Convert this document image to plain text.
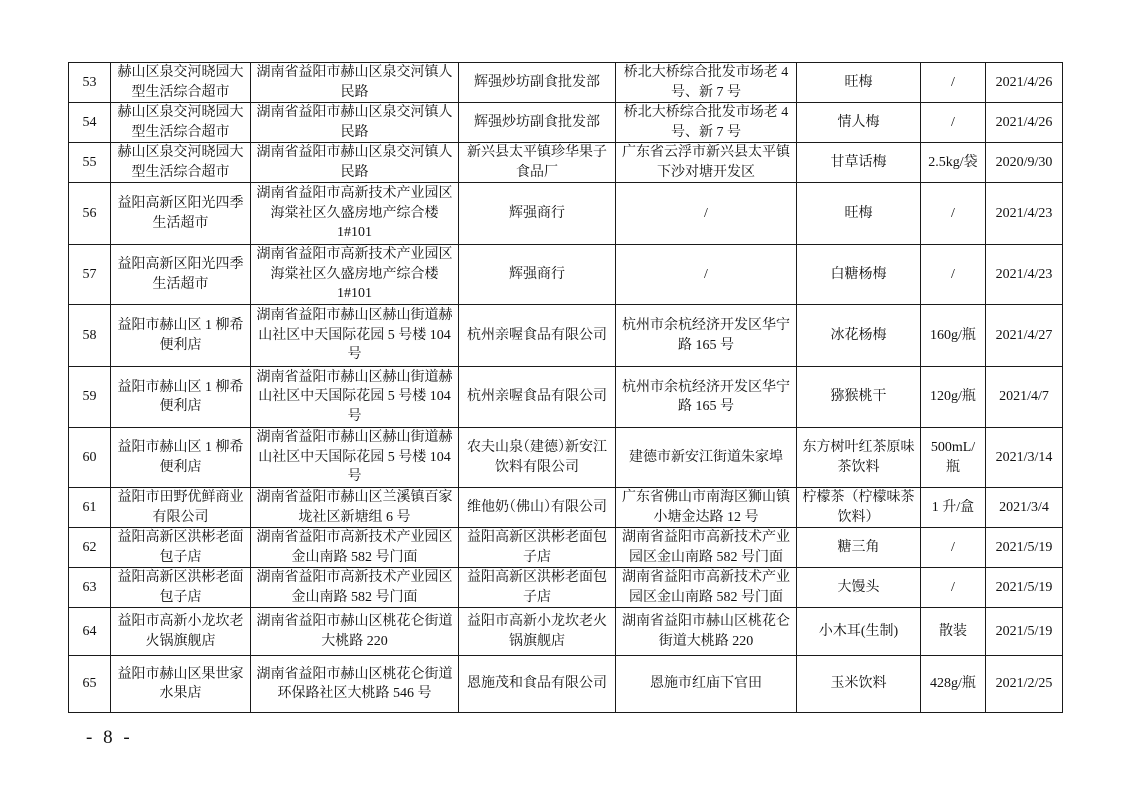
53	赫山区泉交河晓园大型生活综合超市	湖南省益阳市赫山区泉交河镇人民路	辉强炒坊副食批发部	桥北大桥综合批发市场老 4 号、新 7 号	旺梅	/	2021/4/26
54	赫山区泉交河晓园大型生活综合超市	湖南省益阳市赫山区泉交河镇人民路	辉强炒坊副食批发部	桥北大桥综合批发市场老 4 号、新 7 号	情人梅	/	2021/4/26
55	赫山区泉交河晓园大型生活综合超市	湖南省益阳市赫山区泉交河镇人民路	新兴县太平镇珍华果子食品厂	广东省云浮市新兴县太平镇下沙对塘开发区	甘草话梅	2.5kg/袋	2020/9/30
56	益阳高新区阳光四季生活超市	湖南省益阳市高新技术产业园区海棠社区久盛房地产综合楼 1#101	辉强商行	/	旺梅	/	2021/4/23
57	益阳高新区阳光四季生活超市	湖南省益阳市高新技术产业园区海棠社区久盛房地产综合楼 1#101	辉强商行	/	白糖杨梅	/	2021/4/23
58	益阳市赫山区 1 柳希便利店	湖南省益阳市赫山区赫山街道赫山社区中天国际花园 5 号楼 104 号	杭州亲喔食品有限公司	杭州市余杭经济开发区华宁路 165 号	冰花杨梅	160g/瓶	2021/4/27
59	益阳市赫山区 1 柳希便利店	湖南省益阳市赫山区赫山街道赫山社区中天国际花园 5 号楼 104 号	杭州亲喔食品有限公司	杭州市余杭经济开发区华宁路 165 号	猕猴桃干	120g/瓶	2021/4/7
60	益阳市赫山区 1 柳希便利店	湖南省益阳市赫山区赫山街道赫山社区中天国际花园 5 号楼 104 号	农夫山泉（建德）新安江饮料有限公司	建德市新安江街道朱家埠	东方树叶红茶原味茶饮料	500mL/瓶	2021/3/14
61	益阳市田野优鲜商业有限公司	湖南省益阳市赫山区兰溪镇百家垅社区新塘组 6 号	维他奶（佛山）有限公司	广东省佛山市南海区狮山镇小塘金达路 12 号	柠檬茶（柠檬味茶饮料）	1 升/盒	2021/3/4
62	益阳高新区洪彬老面包子店	湖南省益阳市高新技术产业园区金山南路 582 号门面	益阳高新区洪彬老面包子店	湖南省益阳市高新技术产业园区金山南路 582 号门面	糖三角	/	2021/5/19
63	益阳高新区洪彬老面包子店	湖南省益阳市高新技术产业园区金山南路 582 号门面	益阳高新区洪彬老面包子店	湖南省益阳市高新技术产业园区金山南路 582 号门面	大馒头	/	2021/5/19
64	益阳市高新小龙坎老火锅旗舰店	湖南省益阳市赫山区桃花仑街道大桃路 220	益阳市高新小龙坎老火锅旗舰店	湖南省益阳市赫山区桃花仑街道大桃路 220	小木耳(生制)	散装	2021/5/19
65	益阳市赫山区果世家水果店	湖南省益阳市赫山区桃花仑街道环保路社区大桃路 546 号	恩施茂和食品有限公司	恩施市红庙下官田	玉米饮料	428g/瓶	2021/2/25
- 8 -
